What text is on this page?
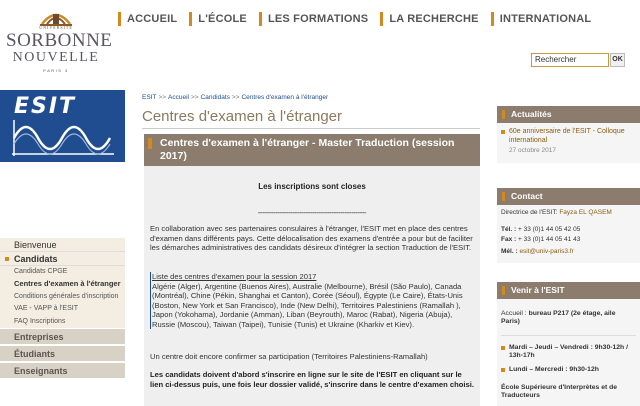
UNIVERSITÉ
SORBONNE
NOUVELLE
PARIS 3
ACCUEIL L'ÉCOLE LES FORMATIONS LA RECHERCHE INTERNATIONAL
Rechercher	OK
ESIT
Bienvenue
Candidats
Candidats CPGE
Centres d'examen à l'étranger
Conditions générales d'inscription
VAE - VAPP à l'ESIT
FAQ Inscriptions
Entreprises
Étudiants
Enseignants
ESIT >> Accueil >> Candidats >> Centres d'examen à l'étranger
Centres d'examen à l'étranger
Centres d'examen à l'étranger - Master Traduction (session 2017)
Les inscriptions sont closes
--------------------------------------------------
En collaboration avec ses partenaires consulaires à l'étranger, l'ESIT met en place des centres d'examen dans différents pays. Cette délocalisation des examens d'entrée a pour but de faciliter les démarches administratives des candidats désireux d'intégrer la section Traduction de l'ESIT.
Liste des centres d'examen pour la session 2017
Algérie (Alger), Argentine (Buenos Aires), Australie (Melbourne), Brésil (São Paulo), Canada (Montréal), Chine (Pékin, Shanghai et Canton), Corée (Séoul), Égypte (Le Caire), États-Unis (Boston, New York et San Francisco), Inde (New Delhi), Territoires Palestiniens (Ramallah ), Japon (Yokohama), Jordanie (Amman), Liban (Beyrouth), Maroc (Rabat), Nigeria (Abuja), Russie (Moscou), Taiwan (Taipei), Tunisie (Tunis) et Ukraine (Kharkiv et Kiev).
Un centre doit encore confirmer sa participation (Territoires Palestiniens-Ramallah)
Les candidats doivent d'abord s'inscrire en ligne sur le site de l'ESIT en cliquant sur le lien ci-dessus puis, une fois leur dossier validé, s'inscrire dans le centre d'examen choisi.
Actualités
60e anniversaire de l'ESIT - Colloque international
27 octobre 2017
Contact
Directrice de l'ESIT: Fayza EL QASEM
Tél. : + 33 (0)1 44 05 42 05
Fax : + 33 (0)1 44 05 41 43
Mél. : esit@univ-paris3.fr
Venir à l'ESIT
Accueil : bureau P217 (2e étage, aile Paris)
Mardi – Jeudi – Vendredi : 9h30-12h / 13h-17h
Lundi – Mercredi : 9h30-12h
École Supérieure d'Interprètes et de Traducteurs
